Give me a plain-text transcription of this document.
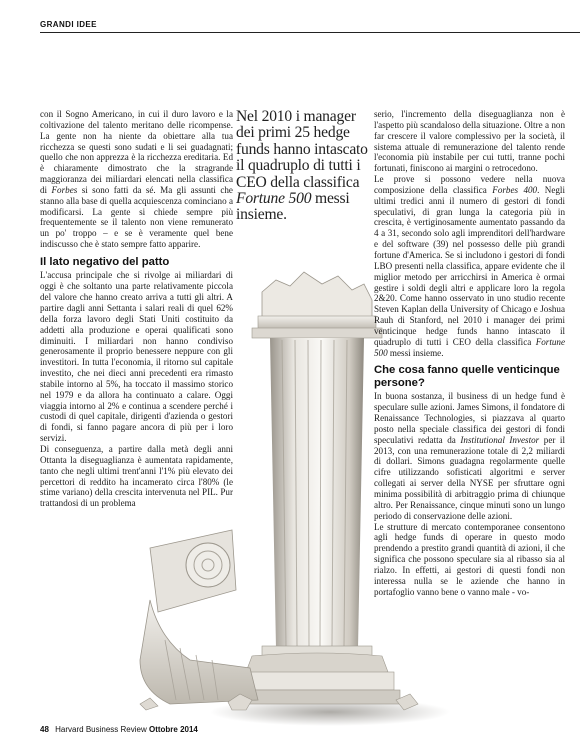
GRANDI IDEE

con il Sogno Americano, in cui il duro lavoro e la coltivazione del talento meritano delle ricompense. La gente non ha niente da obiettare alla tua ricchezza se questi sono sudati e li sei guadagnati; quello che non apprezza è la ricchezza ereditaria. Ed è chiaramente dimostrato che la stragrande maggioranza dei miliardari elencati nella classifica di Forbes si sono fatti da sé. Ma gli assunti che stanno alla base di quella acquiescenza cominciano a modificarsi. La gente si chiede sempre più frequentemente se il talento non viene remunerato un po' troppo – e se è veramente quel bene indiscusso che è stato sempre fatto apparire.

Il lato negativo del patto

L'accusa principale che si rivolge ai miliardari di oggi è che soltanto una parte relativamente piccola del valore che hanno creato arriva a tutti gli altri. A partire dagli anni Settanta i salari reali di quel 62% della forza lavoro degli Stati Uniti costituito da addetti alla produzione e operai qualificati sono diminuiti. I miliardari non hanno condiviso generosamente il proprio benessere neppure con gli investitori. In tutta l'economia, il ritorno sul capitale investito, che nei dieci anni precedenti era rimasto stabile intorno al 5%, ha toccato il massimo storico nel 1979 e da allora ha continuato a calare. Oggi viaggia intorno al 2% e continua a scendere perché i custodi di quel capitale, dirigenti d'azienda o gestori di fondi, si fanno pagare ancora di più per i loro servizi.

Di conseguenza, a partire dalla metà degli anni Ottanta la diseguaglianza è aumentata rapidamente, tanto che negli ultimi trent'anni l'1% più elevato dei percettori di reddito ha incamerato circa l'80% (le stime variano) della crescita intervenuta nel PIL. Pur trattandosi di un problema

Nel 2010 i manager dei primi 25 hedge funds hanno intascato il quadruplo di tutti i CEO della classifica Fortune 500 messi insieme.

serio, l'incremento della diseguaglianza non è l'aspetto più scandaloso della situazione. Oltre a non far crescere il valore complessivo per la società, il sistema attuale di remunerazione del talento rende l'economia più instabile per cui tutti, tranne pochi fortunati, finiscono ai margini o retrocedono.

Le prove si possono vedere nella nuova composizione della classifica Forbes 400. Negli ultimi tredici anni il numero di gestori di fondi speculativi, di gran lunga la categoria più in crescita, è vertiginosamente aumentato passando da 4 a 31, secondo solo agli imprenditori dell'hardware e del software (39) nel possesso delle più grandi fortune d'America. Se si includono i gestori di fondi LBO presenti nella classifica, appare evidente che il miglior metodo per arricchirsi in America è ormai gestire i soldi degli altri e applicare loro la regola 2&20. Come hanno osservato in uno studio recente Steven Kaplan della University of Chicago e Joshua Rauh di Stanford, nel 2010 i manager dei primi venticinque hedge funds hanno intascato il quadruplo di tutti i CEO della classifica Fortune 500 messi insieme.

Che cosa fanno quelle venticinque persone?

In buona sostanza, il business di un hedge fund è speculare sulle azioni. James Simons, il fondatore di Renaissance Technologies, si piazzava al quarto posto nella speciale classifica dei gestori di fondi speculativi redatta da Institutional Investor per il 2013, con una remunerazione totale di 2,2 miliardi di dollari. Simons guadagna regolarmente quelle cifre utilizzando sofisticati algoritmi e server collegati ai server della NYSE per sfruttare ogni minima possibilità di arbitraggio prima di chiunque altro. Per Renaissance, cinque minuti sono un lungo periodo di conservazione delle azioni.

Le strutture di mercato contemporanee consentono agli hedge funds di operare in questo modo prendendo a prestito grandi quantità di azioni, il che significa che possono speculare sia al ribasso sia al rialzo. In effetti, ai gestori di questi fondi non interessa nulla se le aziende che hanno in portafoglio vanno bene o vanno male - vo-

48 Harvard Business Review Ottobre 2014
